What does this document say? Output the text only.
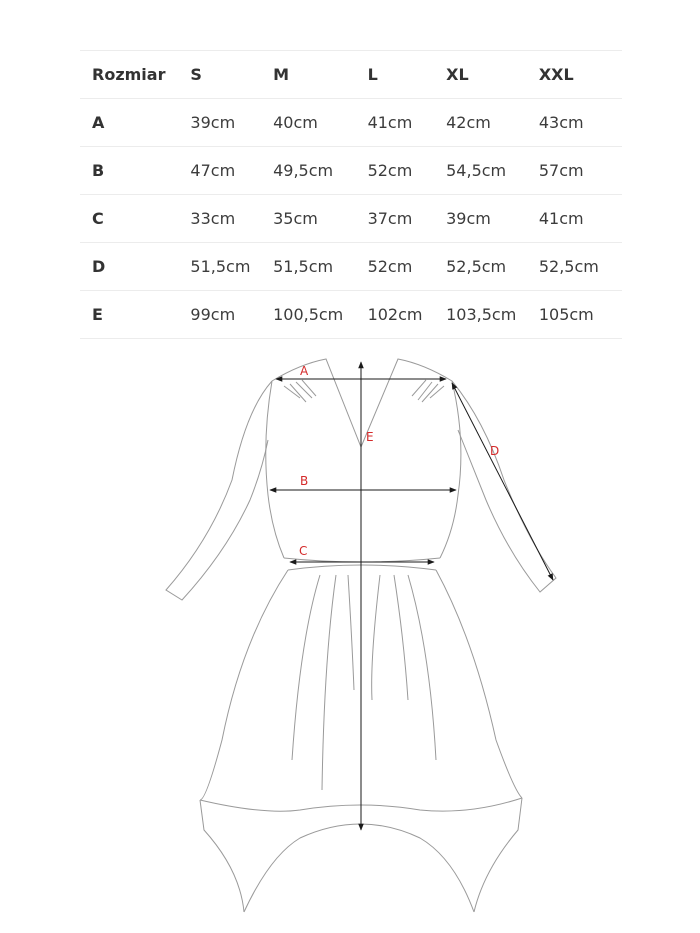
Rozmiar	S	M	L	XL	XXL
A	39cm	40cm	41cm	42cm	43cm
B	47cm	49,5cm	52cm	54,5cm	57cm
C	33cm	35cm	37cm	39cm	41cm
D	51,5cm	51,5cm	52cm	52,5cm	52,5cm
E	99cm	100,5cm	102cm	103,5cm	105cm
A
B
C
D
E
